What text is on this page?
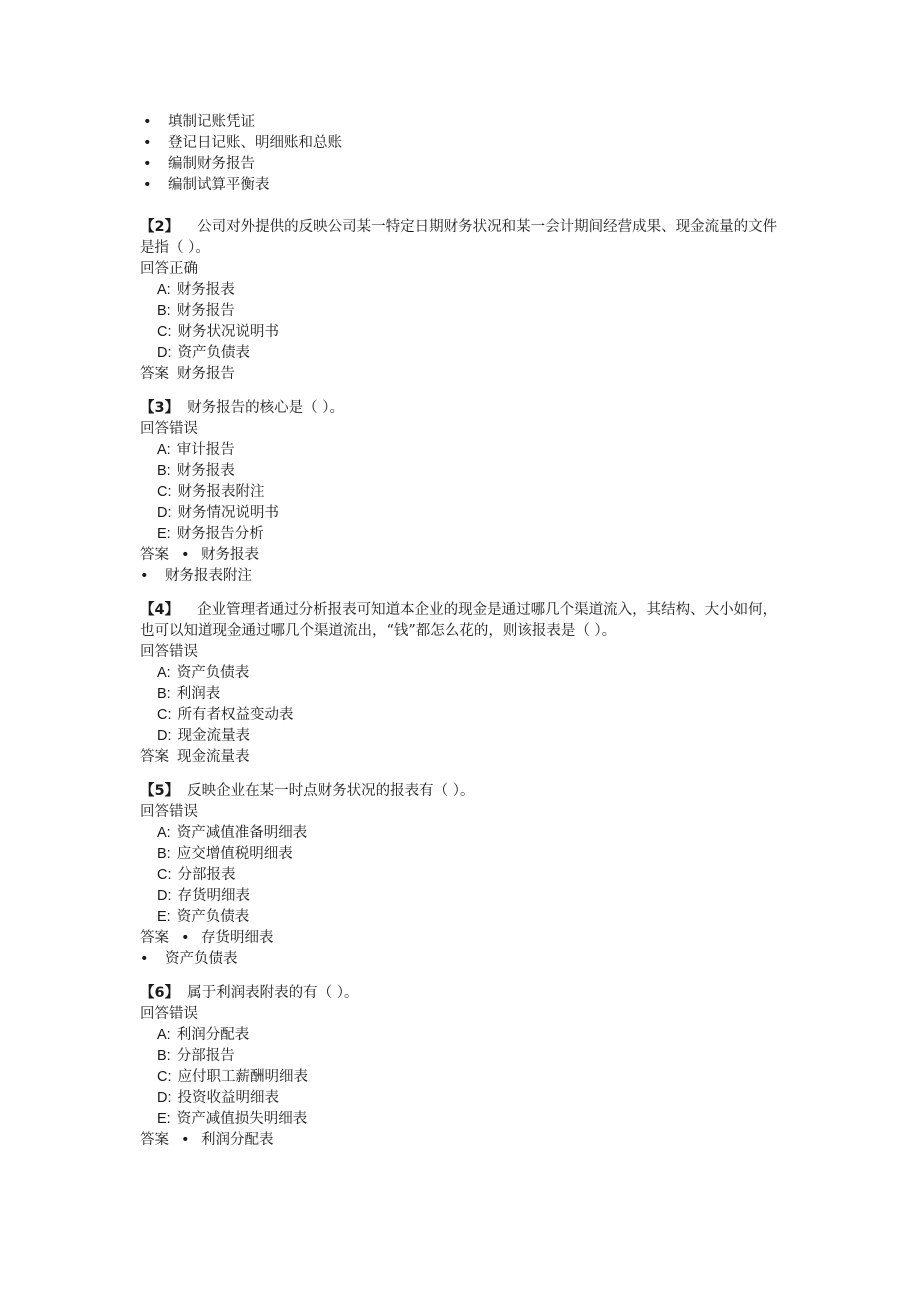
• 填制记账凭证
• 登记日记账、明细账和总账
• 编制财务报告
• 编制试算平衡表
【2】 公司对外提供的反映公司某一特定日期财务状况和某一会计期间经营成果、现金流量的文件是指（ ）。
回答正确
A: 财务报表
B: 财务报告
C: 财务状况说明书
D: 资产负债表
答案 财务报告
【3】 财务报告的核心是（ ）。
回答错误
A: 审计报告
B: 财务报表
C: 财务报表附注
D: 财务情况说明书
E: 财务报告分析
答案 • 财务报表
• 财务报表附注
【4】 企业管理者通过分析报表可知道本企业的现金是通过哪几个渠道流入，其结构、大小如何，也可以知道现金通过哪几个渠道流出，“钱”都怎么花的，则该报表是（ ）。
回答错误
A: 资产负债表
B: 利润表
C: 所有者权益变动表
D: 现金流量表
答案 现金流量表
【5】 反映企业在某一时点财务状况的报表有（ ）。
回答错误
A: 资产减值准备明细表
B: 应交增值税明细表
C: 分部报表
D: 存货明细表
E: 资产负债表
答案 • 存货明细表
• 资产负债表
【6】 属于利润表附表的有（ ）。
回答错误
A: 利润分配表
B: 分部报告
C: 应付职工薪酬明细表
D: 投资收益明细表
E: 资产减值损失明细表
答案 • 利润分配表
